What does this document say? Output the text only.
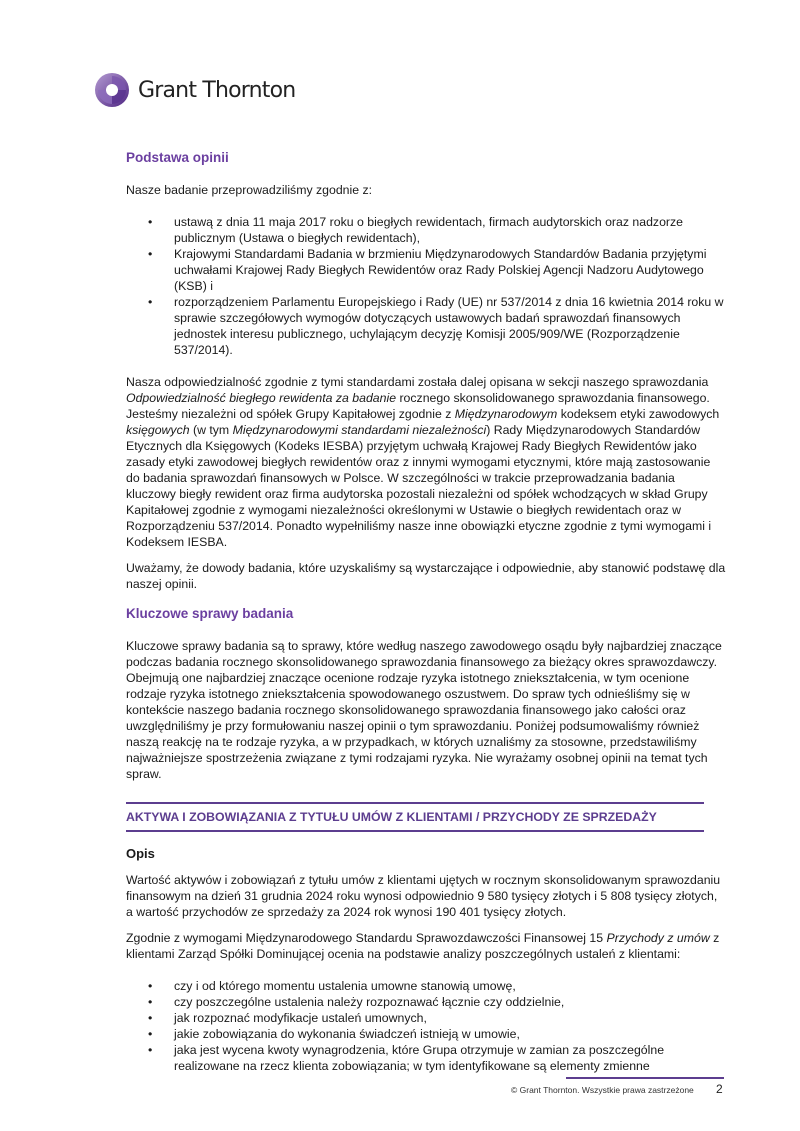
Grant Thornton
Podstawa opinii

Nasze badanie przeprowadziliśmy zgodnie z:

• ustawą z dnia 11 maja 2017 roku o biegłych rewidentach, firmach audytorskich oraz nadzorze publicznym (Ustawa o biegłych rewidentach),
• Krajowymi Standardami Badania w brzmieniu Międzynarodowych Standardów Badania przyjętymi uchwałami Krajowej Rady Biegłych Rewidentów oraz Rady Polskiej Agencji Nadzoru Audytowego (KSB) i
• rozporządzeniem Parlamentu Europejskiego i Rady (UE) nr 537/2014 z dnia 16 kwietnia 2014 roku w sprawie szczegółowych wymogów dotyczących ustawowych badań sprawozdań finansowych jednostek interesu publicznego, uchylającym decyzję Komisji 2005/909/WE (Rozporządzenie 537/2014).

Nasza odpowiedzialność zgodnie z tymi standardami została dalej opisana w sekcji naszego sprawozdania Odpowiedzialność biegłego rewidenta za badanie rocznego skonsolidowanego sprawozdania finansowego. Jesteśmy niezależni od spółek Grupy Kapitałowej zgodnie z Międzynarodowym kodeksem etyki zawodowych księgowych (w tym Międzynarodowymi standardami niezależności) Rady Międzynarodowych Standardów Etycznych dla Księgowych (Kodeks IESBA) przyjętym uchwałą Krajowej Rady Biegłych Rewidentów jako zasady etyki zawodowej biegłych rewidentów oraz z innymi wymogami etycznymi, które mają zastosowanie do badania sprawozdań finansowych w Polsce. W szczególności w trakcie przeprowadzania badania kluczowy biegły rewident oraz firma audytorska pozostali niezależni od spółek wchodzących w skład Grupy Kapitałowej zgodnie z wymogami niezależności określonymi w Ustawie o biegłych rewidentach oraz w Rozporządzeniu 537/2014. Ponadto wypełniliśmy nasze inne obowiązki etyczne zgodnie z tymi wymogami i Kodeksem IESBA.

Uważamy, że dowody badania, które uzyskaliśmy są wystarczające i odpowiednie, aby stanowić podstawę dla naszej opinii.

Kluczowe sprawy badania

Kluczowe sprawy badania są to sprawy, które według naszego zawodowego osądu były najbardziej znaczące podczas badania rocznego skonsolidowanego sprawozdania finansowego za bieżący okres sprawozdawczy. Obejmują one najbardziej znaczące ocenione rodzaje ryzyka istotnego zniekształcenia, w tym ocenione rodzaje ryzyka istotnego zniekształcenia spowodowanego oszustwem. Do spraw tych odnieśliśmy się w kontekście naszego badania rocznego skonsolidowanego sprawozdania finansowego jako całości oraz uwzględniliśmy je przy formułowaniu naszej opinii o tym sprawozdaniu. Poniżej podsumowaliśmy również naszą reakcję na te rodzaje ryzyka, a w przypadkach, w których uznaliśmy za stosowne, przedstawiliśmy najważniejsze spostrzeżenia związane z tymi rodzajami ryzyka. Nie wyrażamy osobnej opinii na temat tych spraw.

AKTYWA I ZOBOWIĄZANIA Z TYTUŁU UMÓW Z KLIENTAMI / PRZYCHODY ZE SPRZEDAŻY

Opis

Wartość aktywów i zobowiązań z tytułu umów z klientami ujętych w rocznym skonsolidowanym sprawozdaniu finansowym na dzień 31 grudnia 2024 roku wynosi odpowiednio 9 580 tysięcy złotych i 5 808 tysięcy złotych, a wartość przychodów ze sprzedaży za 2024 rok wynosi 190 401 tysięcy złotych.

Zgodnie z wymogami Międzynarodowego Standardu Sprawozdawczości Finansowej 15 Przychody z umów z klientami Zarząd Spółki Dominującej ocenia na podstawie analizy poszczególnych ustaleń z klientami:

• czy i od którego momentu ustalenia umowne stanowią umowę,
• czy poszczególne ustalenia należy rozpoznawać łącznie czy oddzielnie,
• jak rozpoznać modyfikacje ustaleń umownych,
• jakie zobowiązania do wykonania świadczeń istnieją w umowie,
• jaka jest wycena kwoty wynagrodzenia, które Grupa otrzymuje w zamian za poszczególne realizowane na rzecz klienta zobowiązania; w tym identyfikowane są elementy zmienne
© Grant Thornton. Wszystkie prawa zastrzeżone 2
